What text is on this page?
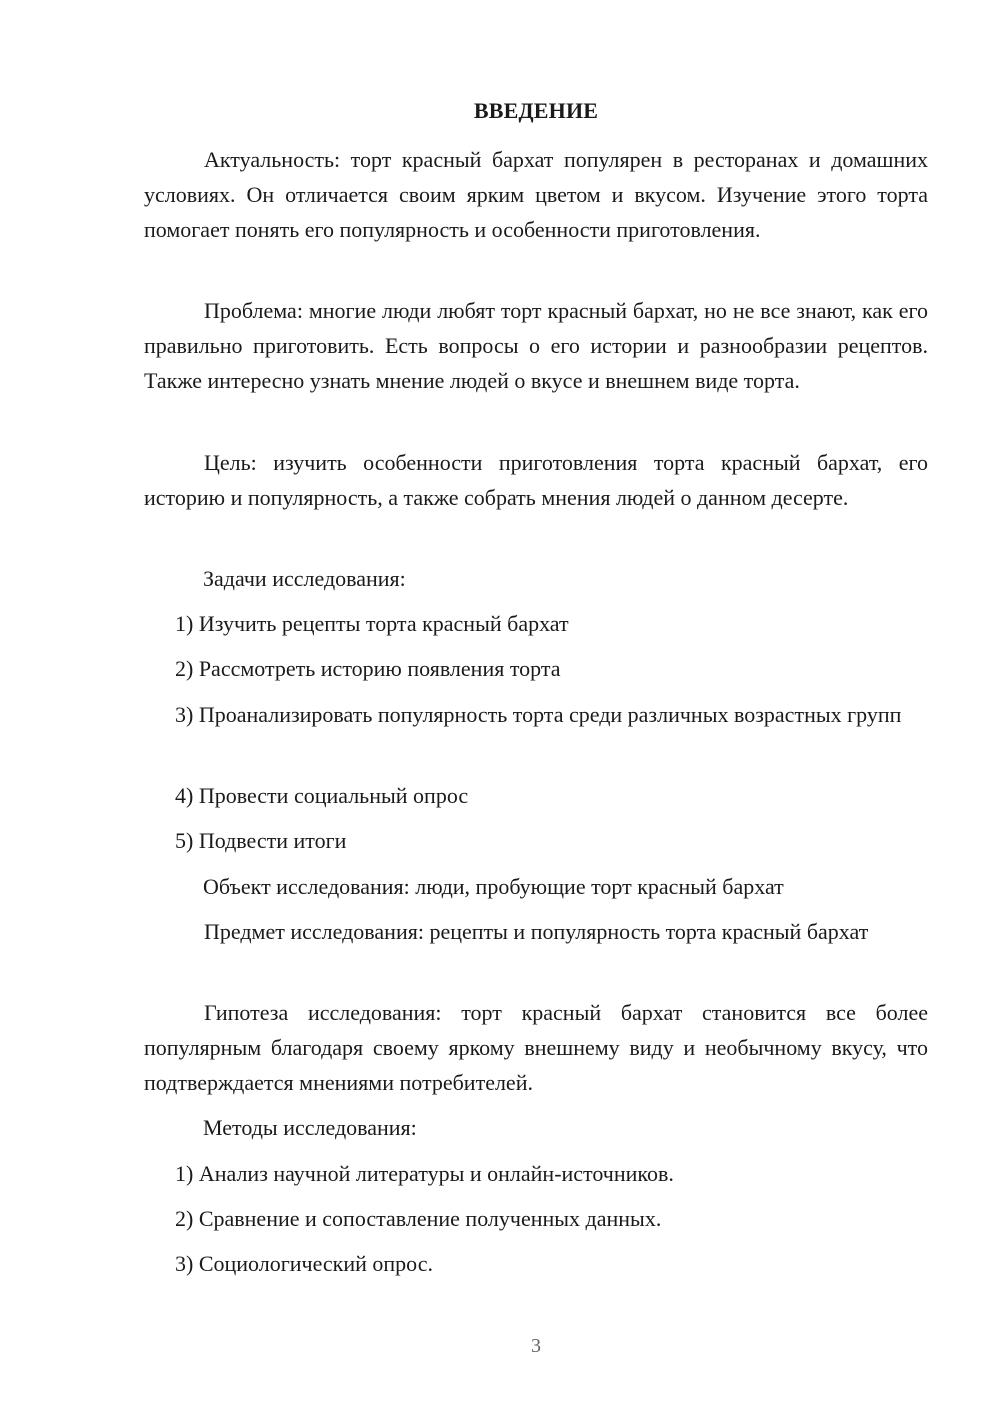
ВВЕДЕНИЕ
Актуальность: торт красный бархат популярен в ресторанах и домашних условиях. Он отличается своим ярким цветом и вкусом. Изучение этого торта помогает понять его популярность и особенности приготовления.
Проблема: многие люди любят торт красный бархат, но не все знают, как его правильно приготовить. Есть вопросы о его истории и разнообразии рецептов. Также интересно узнать мнение людей о вкусе и внешнем виде торта.
Цель: изучить особенности приготовления торта красный бархат, его историю и популярность, а также собрать мнения людей о данном десерте.
Задачи исследования:
1) Изучить рецепты торта красный бархат
2) Рассмотреть историю появления торта
3) Проанализировать популярность торта среди различных возрастных групп
4) Провести социальный опрос
5) Подвести итоги
Объект исследования: люди, пробующие торт красный бархат
Предмет исследования: рецепты и популярность торта красный бархат
Гипотеза исследования: торт красный бархат становится все более популярным благодаря своему яркому внешнему виду и необычному вкусу, что подтверждается мнениями потребителей.
Методы исследования:
1) Анализ научной литературы и онлайн-источников.
2) Сравнение и сопоставление полученных данных.
3) Социологический опрос.
3
